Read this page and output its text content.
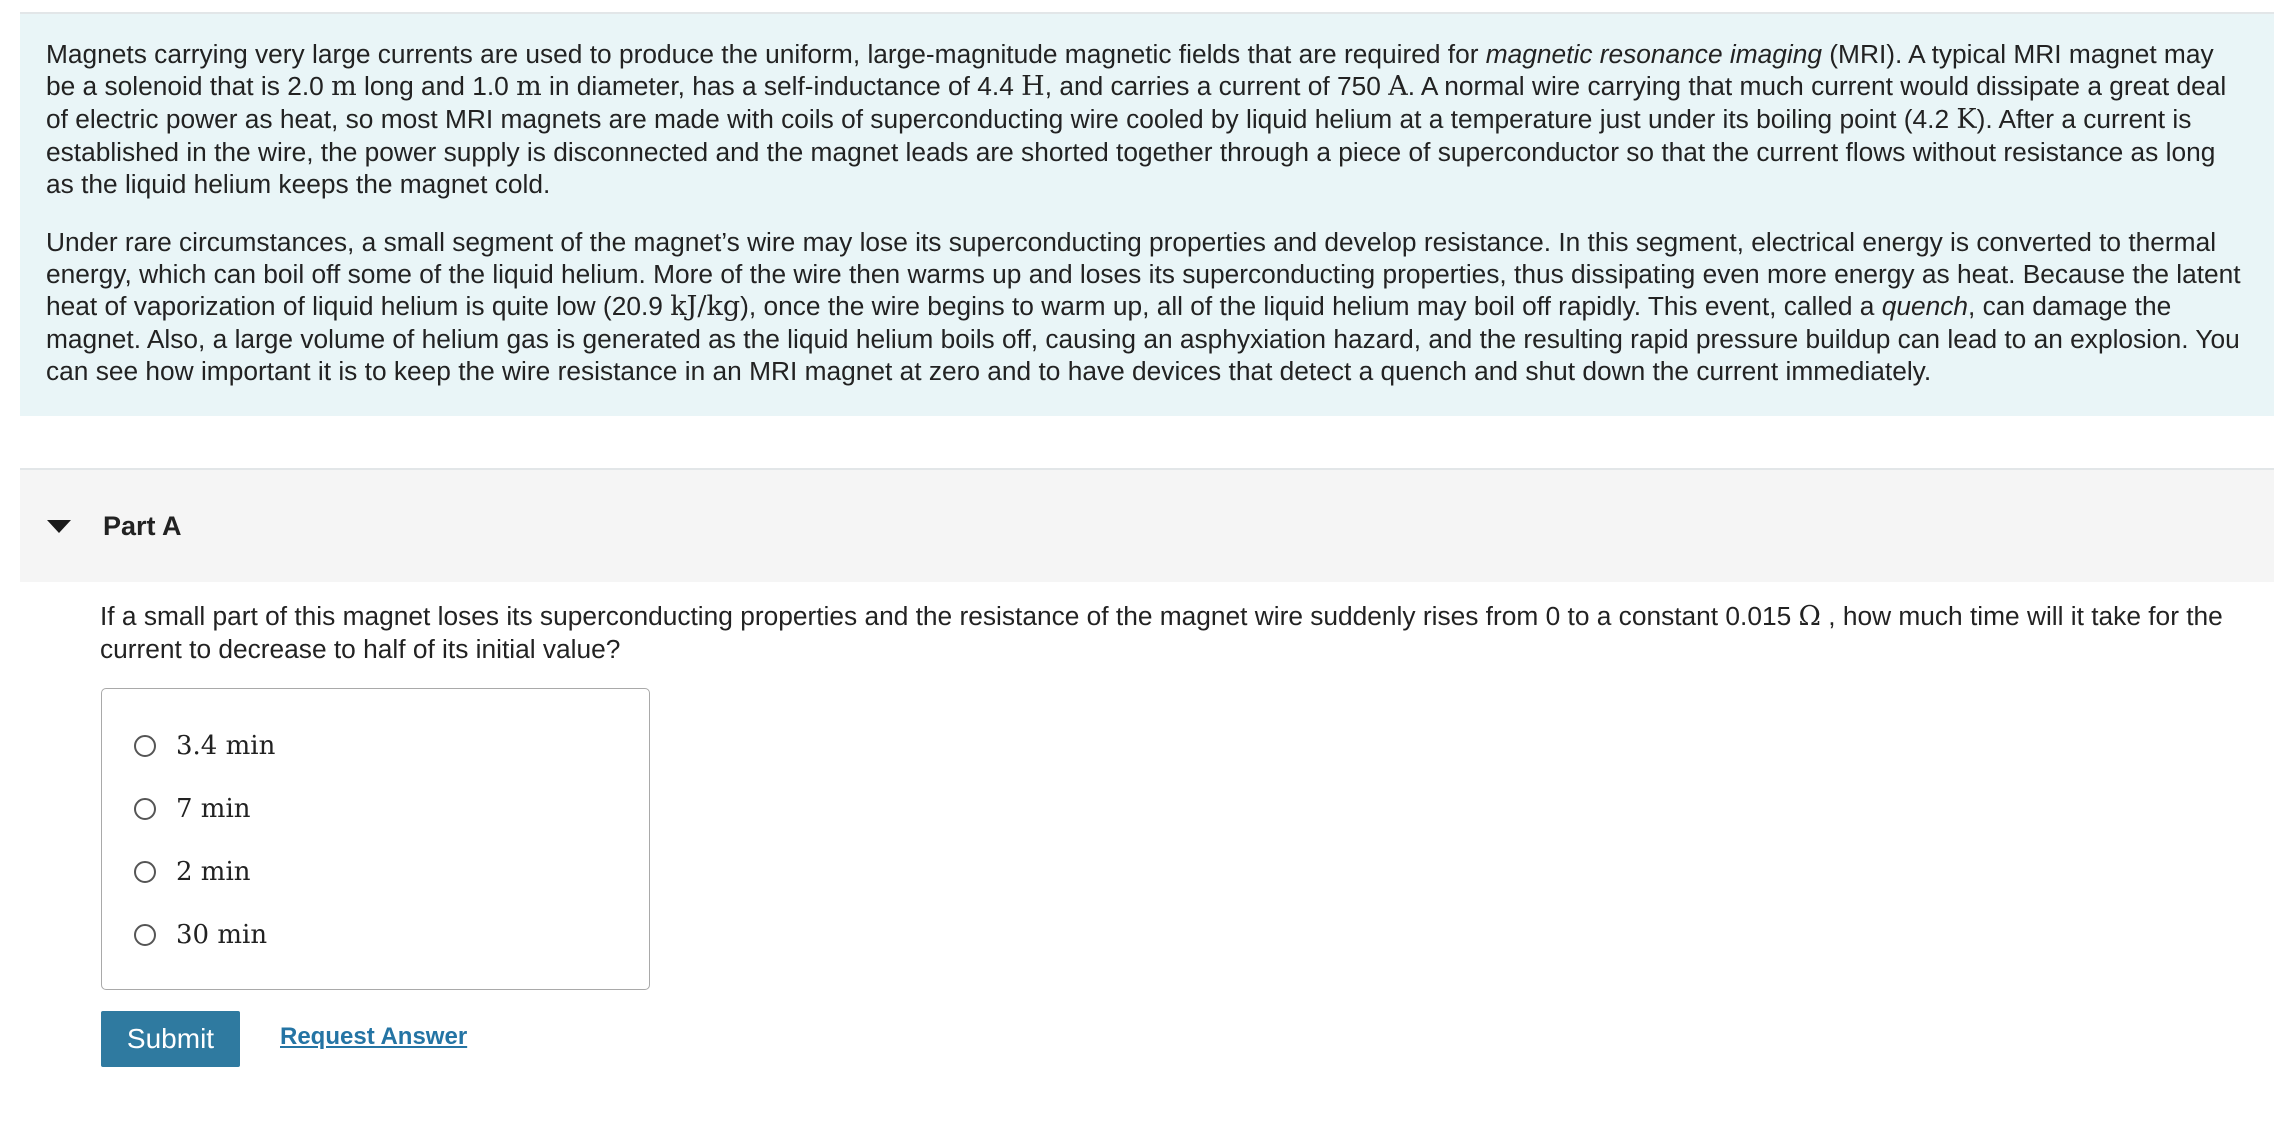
Magnets carrying very large currents are used to produce the uniform, large-magnitude magnetic fields that are required for magnetic resonance imaging (MRI). A typical MRI magnet may be a solenoid that is 2.0 m long and 1.0 m in diameter, has a self-inductance of 4.4 H, and carries a current of 750 A. A normal wire carrying that much current would dissipate a great deal of electric power as heat, so most MRI magnets are made with coils of superconducting wire cooled by liquid helium at a temperature just under its boiling point (4.2 K). After a current is established in the wire, the power supply is disconnected and the magnet leads are shorted together through a piece of superconductor so that the current flows without resistance as long as the liquid helium keeps the magnet cold.

Under rare circumstances, a small segment of the magnet’s wire may lose its superconducting properties and develop resistance. In this segment, electrical energy is converted to thermal energy, which can boil off some of the liquid helium. More of the wire then warms up and loses its superconducting properties, thus dissipating even more energy as heat. Because the latent heat of vaporization of liquid helium is quite low (20.9 kJ/kg), once the wire begins to warm up, all of the liquid helium may boil off rapidly. This event, called a quench, can damage the magnet. Also, a large volume of helium gas is generated as the liquid helium boils off, causing an asphyxiation hazard, and the resulting rapid pressure buildup can lead to an explosion. You can see how important it is to keep the wire resistance in an MRI magnet at zero and to have devices that detect a quench and shut down the current immediately.

Part A
If a small part of this magnet loses its superconducting properties and the resistance of the magnet wire suddenly rises from 0 to a constant 0.015 Ω , how much time will it take for the current to decrease to half of its initial value?
3.4 min
7 min
2 min
30 min
Submit	Request Answer
